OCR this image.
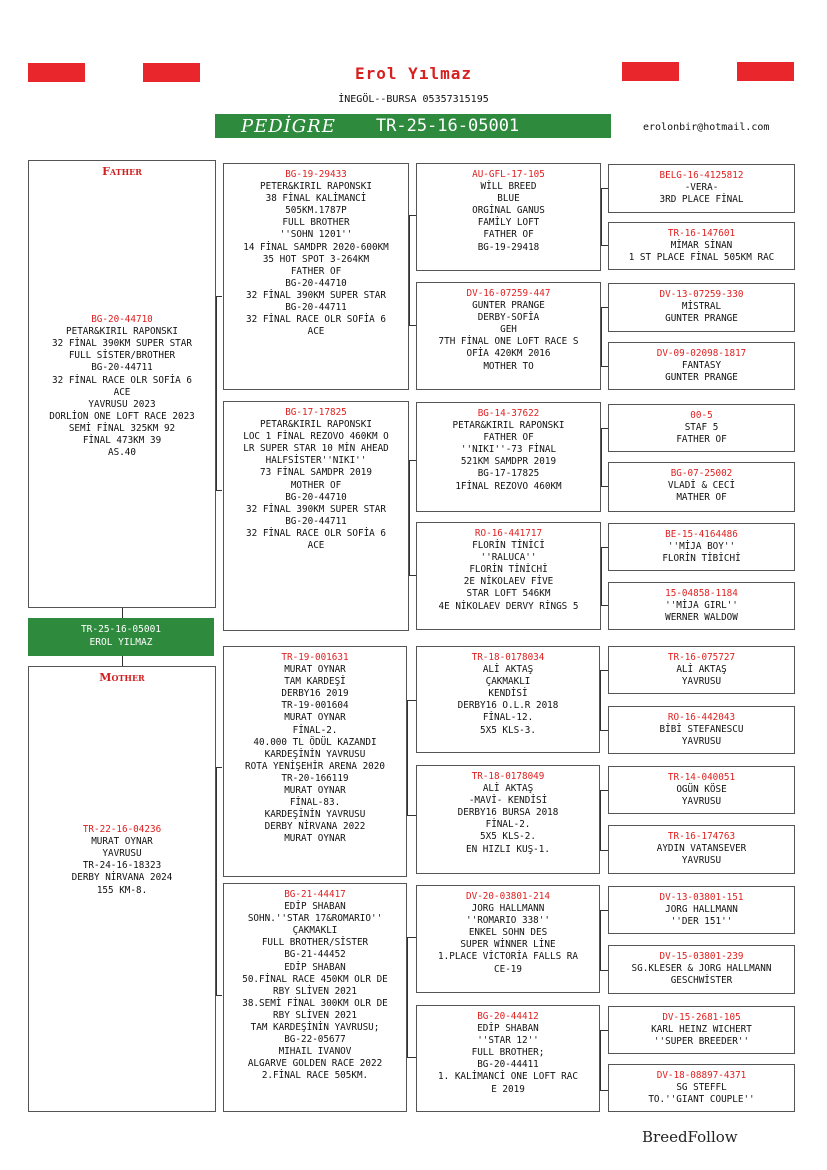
Erol Yılmaz
İNEGÖL--BURSA 05357315195
PEDİGRE TR-25-16-05001	erolonbir@hotmail.com
Father
BG-20-44710
PETAR&KIRIL RAPONSKI
32 FİNAL 390KM SUPER STAR
FULL SİSTER/BROTHER
BG-20-44711
32 FİNAL RACE OLR SOFİA 6
ACE
YAVRUSU 2023
DORLİON ONE LOFT RACE 2023
SEMİ FİNAL 325KM 92
FİNAL 473KM 39
AS.40
TR-25-16-05001
EROL YILMAZ
Mother
TR-22-16-04236
MURAT OYNAR
YAVRUSU
TR-24-16-18323
DERBY NİRVANA 2024
155 KM-8.
BG-19-29433
PETER&KIRIL RAPONSKI
38 FİNAL KALİMANCİ
505KM.1787P
FULL BROTHER
''SOHN 1201''
14 FİNAL SAMDPR 2020-600KM
35 HOT SPOT 3-264KM
FATHER OF
BG-20-44710
32 FİNAL 390KM SUPER STAR
BG-20-44711
32 FİNAL RACE OLR SOFİA 6
ACE
BG-17-17825
PETAR&KIRIL RAPONSKI
LOC 1 FİNAL REZOVO 460KM O
LR SUPER STAR 10 MİN AHEAD
HALFSİSTER''NIKI''
73 FİNAL SAMDPR 2019
MOTHER OF
BG-20-44710
32 FİNAL 390KM SUPER STAR
BG-20-44711
32 FİNAL RACE OLR SOFİA 6
ACE
TR-19-001631
MURAT OYNAR
TAM KARDEŞİ
DERBY16 2019
TR-19-001604
MURAT OYNAR
FİNAL-2.
40.000 TL ÖDÜL KAZANDI
KARDEŞİNİN YAVRUSU
ROTA YENİŞEHİR ARENA 2020
TR-20-166119
MURAT OYNAR
FİNAL-83.
KARDEŞİNİN YAVRUSU
DERBY NİRVANA 2022
MURAT OYNAR
BG-21-44417
EDİP SHABAN
SOHN.''STAR 17&ROMARIO''
ÇAKMAKLI
FULL BROTHER/SİSTER
BG-21-44452
EDİP SHABAN
50.FİNAL RACE 450KM OLR DE
RBY SLİVEN 2021
38.SEMİ FİNAL 300KM OLR DE
RBY SLİVEN 2021
TAM KARDEŞİNİN YAVRUSU;
BG-22-05677
MIHAIL IVANOV
ALGARVE GOLDEN RACE 2022
2.FİNAL RACE 505KM.
AU-GFL-17-105
WİLL BREED
BLUE
ORGİNAL GANUS
FAMİLY LOFT
FATHER OF
BG-19-29418
DV-16-07259-447
GUNTER PRANGE
DERBY-SOFİA
GEH
7TH FİNAL ONE LOFT RACE S
OFİA 420KM 2016
MOTHER TO
BG-14-37622
PETAR&KIRIL RAPONSKI
FATHER OF
''NIKI''-73 FİNAL
521KM SAMDPR 2019
BG-17-17825
1FİNAL REZOVO 460KM
RO-16-441717
FLORİN TİNİCİ
''RALUCA''
FLORİN TİNİCHİ
2E NİKOLAEV FİVE
STAR LOFT 546KM
4E NİKOLAEV DERVY RİNGS 5
TR-18-0178034
ALİ AKTAŞ
ÇAKMAKLI
KENDİSİ
DERBY16 O.L.R 2018
FİNAL-12.
5X5 KLS-3.
TR-18-0178049
ALİ AKTAŞ
-MAVİ- KENDİSİ
DERBY16 BURSA 2018
FİNAL-2.
5X5 KLS-2.
EN HIZLI KUŞ-1.
DV-20-03801-214
JORG HALLMANN
''ROMARIO 338''
ENKEL SOHN DES
SUPER WİNNER LİNE
1.PLACE VİCTORİA FALLS RA
CE-19
BG-20-44412
EDİP SHABAN
''STAR 12''
FULL BROTHER;
BG-20-44411
1. KALİMANCİ ONE LOFT RAC
E 2019
BELG-16-4125812
-VERA-
3RD PLACE FİNAL
TR-16-147601
MİMAR SİNAN
1 ST PLACE FİNAL 505KM RAC
DV-13-07259-330
MİSTRAL
GUNTER PRANGE
DV-09-02098-1817
FANTASY
GUNTER PRANGE
00-5
STAF 5
FATHER OF
BG-07-25002
VLADİ & CECİ
MATHER OF
BE-15-4164486
''MİJA BOY''
FLORİN TİBİCHİ
15-04858-1184
''MİJA GIRL''
WERNER WALDOW
TR-16-075727
ALİ AKTAŞ
YAVRUSU
RO-16-442043
BİBİ STEFANESCU
YAVRUSU
TR-14-040051
OGÜN KÖSE
YAVRUSU
TR-16-174763
AYDIN VATANSEVER
YAVRUSU
DV-13-03801-151
JORG HALLMANN
''DER 151''
DV-15-03801-239
SG.KLESER & JORG HALLMANN
GESCHWİSTER
DV-15-2681-105
KARL HEINZ WICHERT
''SUPER BREEDER''
DV-18-08897-4371
SG STEFFL
TO.''GIANT COUPLE''
BreedFollow
